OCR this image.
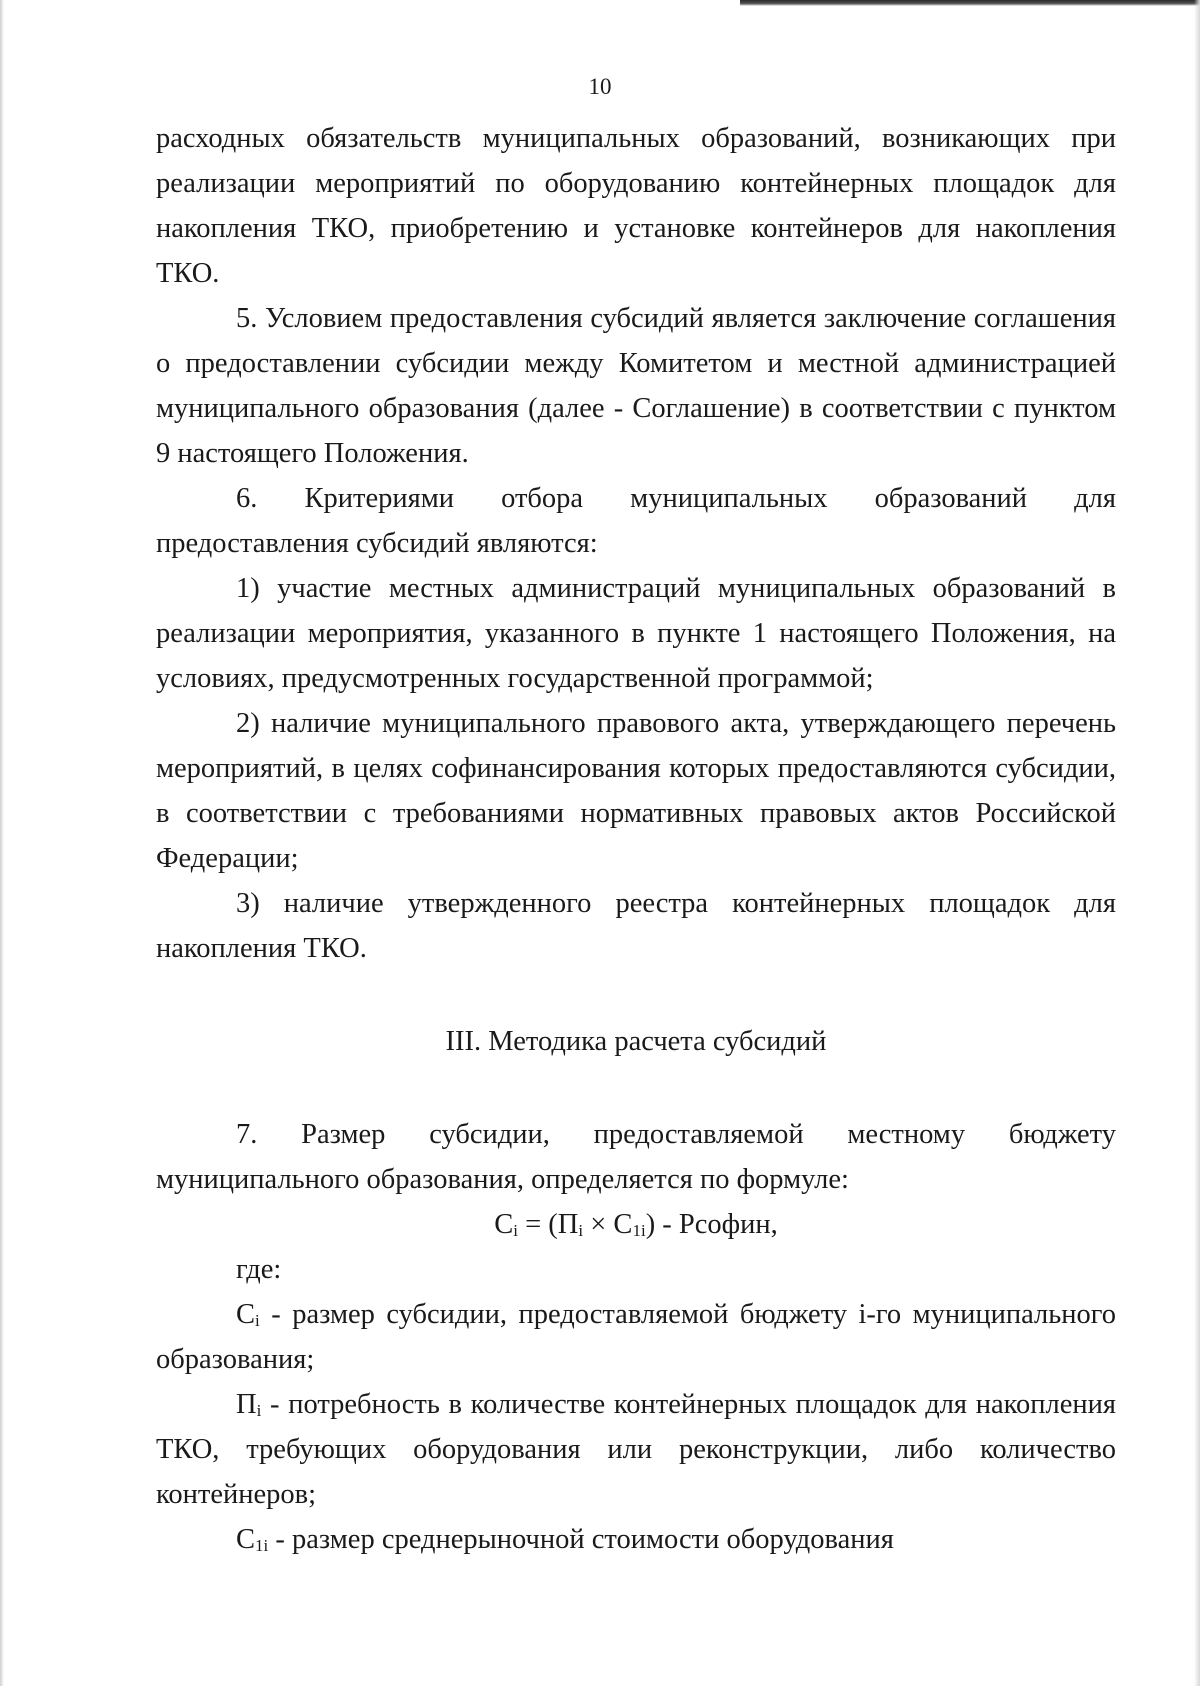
10

расходных обязательств муниципальных образований, возникающих при реализации мероприятий по оборудованию контейнерных площадок для накопления ТКО, приобретению и установке контейнеров для накопления ТКО.

5. Условием предоставления субсидий является заключение соглашения о предоставлении субсидии между Комитетом и местной администрацией муниципального образования (далее - Соглашение) в соответствии с пунктом 9 настоящего Положения.

6. Критериями отбора муниципальных образований для предоставления субсидий являются:

1) участие местных администраций муниципальных образований в реализации мероприятия, указанного в пункте 1 настоящего Положения, на условиях, предусмотренных государственной программой;

2) наличие муниципального правового акта, утверждающего перечень мероприятий, в целях софинансирования которых предоставляются субсидии, в соответствии с требованиями нормативных правовых актов Российской Федерации;

3) наличие утвержденного реестра контейнерных площадок для накопления ТКО.

III. Методика расчета субсидий

7. Размер субсидии, предоставляемой местному бюджету муниципального образования, определяется по формуле:

$С_i = (П_i \times С_{1i})$ - Рсофин,

где:

$С_i$ - размер субсидии, предоставляемой бюджету i-го муниципального образования;

$П_i$ - потребность в количестве контейнерных площадок для накопления ТКО, требующих оборудования или реконструкции, либо количество контейнеров;

$С_{1i}$ - размер среднерыночной стоимости оборудования
